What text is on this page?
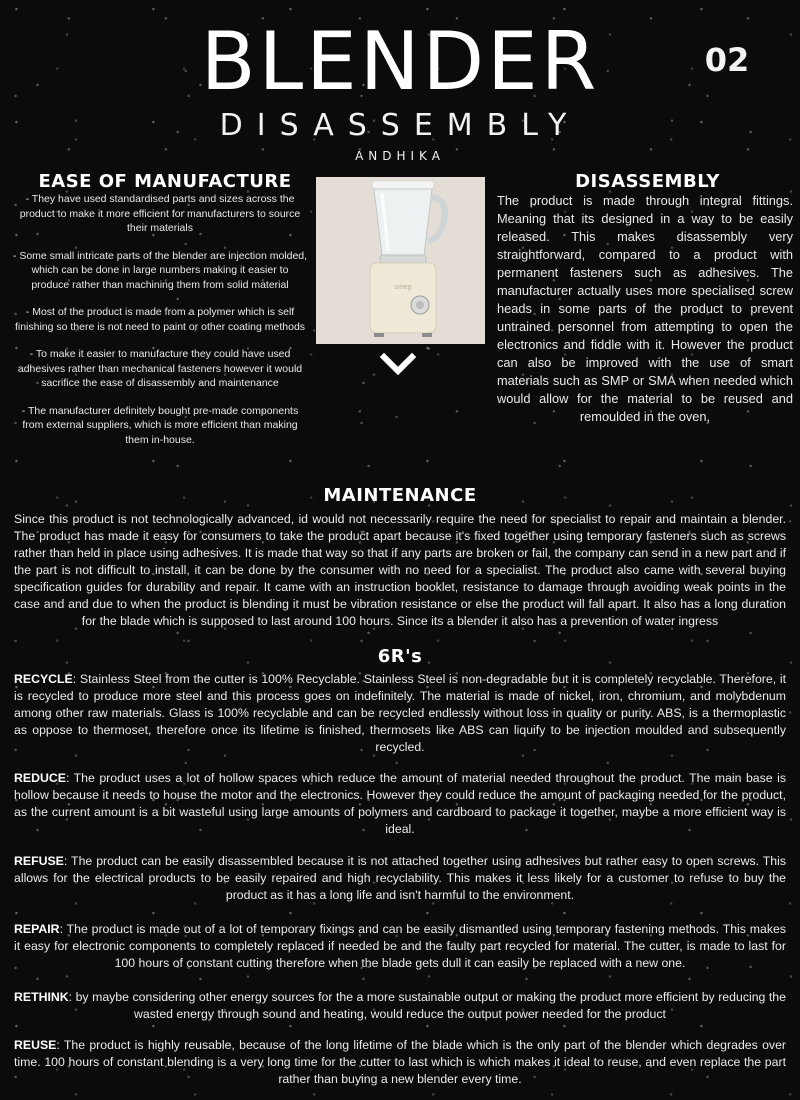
BLENDER	02
DISASSEMBLY
ANDHIKA
EASE OF MANUFACTURE

- They have used standardised parts and sizes across the product to make it more efficient for manufacturers to source their materials

- Some small intricate parts of the blender are injection molded, which can be done in large numbers making it easier to produce rather than machining them from solid material

- Most of the product is made from a polymer which is self finishing so there is not need to paint or other coating methods

- To make it easier to manufacture they could have used adhesives rather than mechanical fasteners however it would sacrifice the ease of disassembly and maintenance

- The manufacturer definitely bought pre-made components from external suppliers, which is more efficient than making them in-house.

smeg
DISASSEMBLY
The product is made through integral fittings. Meaning that its designed in a way to be easily released. This makes disassembly very straightforward, compared to a product with permanent fasteners such as adhesives. The manufacturer actually uses more specialised screw heads in some parts of the product to prevent untrained personnel from attempting to open the electronics and fiddle with it. However the product can also be improved with the use of smart materials such as SMP or SMA when needed which would allow for the material to be reused and remoulded in the oven,
MAINTENANCE
Since this product is not technologically advanced, id would not necessarily require the need for specialist to repair and maintain a blender. The product has made it easy for consumers to take the product apart because it's fixed together using temporary fasteners such as screws rather than held in place using adhesives. It is made that way so that if any parts are broken or fail, the company can send in a new part and if the part is not difficult to install, it can be done by the consumer with no need for a specialist. The product also came with several buying specification guides for durability and repair. It came with an instruction booklet, resistance to damage through avoiding weak points in the case and and due to when the product is blending it must be vibration resistance or else the product will fall apart. It also has a long duration for the blade which is supposed to last around 100 hours. Since its a blender it also has a prevention of water ingress
6R's

RECYCLE: Stainless Steel from the cutter is 100% Recyclable. Stainless Steel is non-degradable but it is completely recyclable. Therefore, it is recycled to produce more steel and this process goes on indefinitely. The material is made of nickel, iron, chromium, and molybdenum among other raw materials. Glass is 100% recyclable and can be recycled endlessly without loss in quality or purity. ABS, is a thermoplastic as oppose to thermoset, therefore once its lifetime is finished, thermosets like ABS can liquify to be injection moulded and subsequently recycled.

REDUCE: The product uses a lot of hollow spaces which reduce the amount of material needed throughout the product. The main base is hollow because it needs to house the motor and the electronics. However they could reduce the amount of packaging needed for the product, as the current amount is a bit wasteful using large amounts of polymers and cardboard to package it together, maybe a more efficient way is ideal.

REFUSE: The product can be easily disassembled because it is not attached together using adhesives but rather easy to open screws. This allows for the electrical products to be easily repaired and high recyclability. This makes it less likely for a customer to refuse to buy the product as it has a long life and isn't harmful to the environment.

REPAIR: The product is made out of a lot of temporary fixings and can be easily dismantled using temporary fastening methods. This makes it easy for electronic components to completely replaced if needed be and the faulty part recycled for material. The cutter, is made to last for 100 hours of constant cutting therefore when the blade gets dull it can easily be replaced with a new one.

RETHINK: by maybe considering other energy sources for the a more sustainable output or making the product more efficient by reducing the wasted energy through sound and heating, would reduce the output power needed for the product

REUSE: The product is highly reusable, because of the long lifetime of the blade which is the only part of the blender which degrades over time. 100 hours of constant blending is a very long time for the cutter to last which is which makes it ideal to reuse, and even replace the part rather than buying a new blender every time.
